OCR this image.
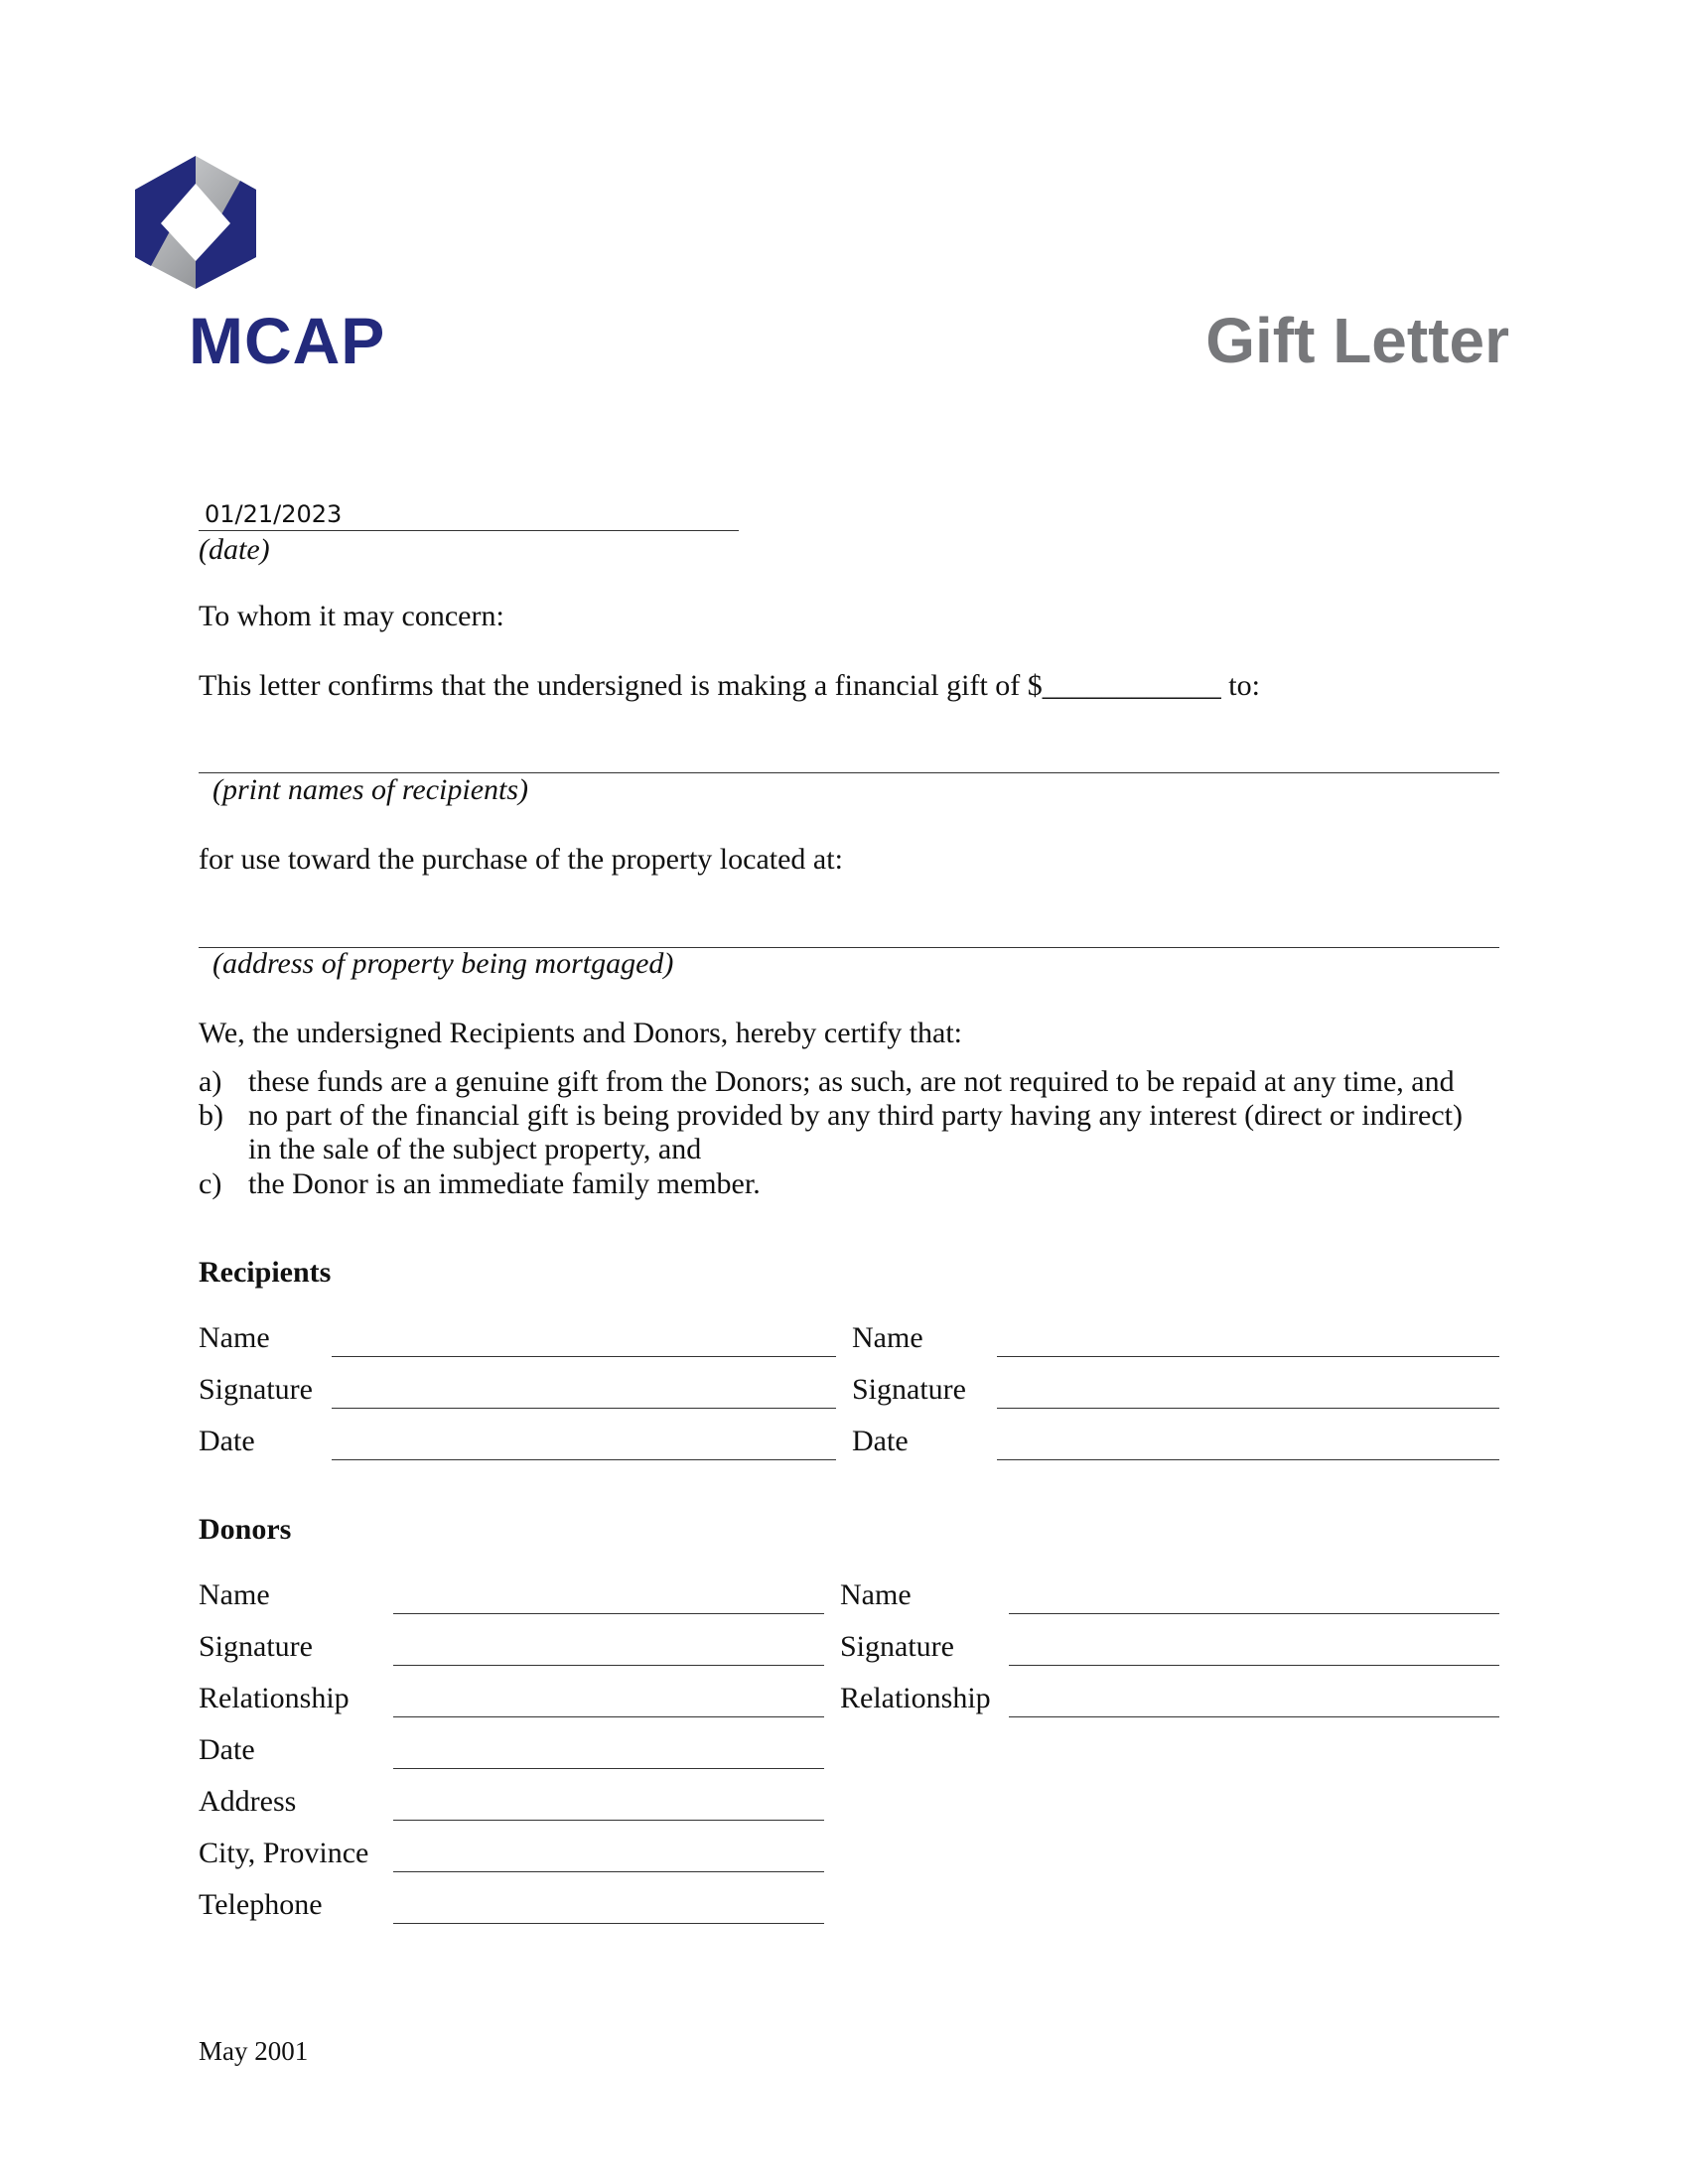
MCAP	Gift Letter
01/21/2023
(date)
To whom it may concern:
This letter confirms that the undersigned is making a financial gift of $____________ to:
(print names of recipients)
for use toward the purchase of the property located at:
(address of property being mortgaged)
We, the undersigned Recipients and Donors, hereby certify that:
a) these funds are a genuine gift from the Donors; as such, are not required to be repaid at any time, and
b) no part of the financial gift is being provided by any third party having any interest (direct or indirect)
in the sale of the subject property, and
c) the Donor is an immediate family member.
Recipients
Name
Signature
Date
Name
Signature
Date
Donors
Name
Signature
Relationship
Date
Address
City, Province
Telephone
Name
Signature
Relationship
May 2001
